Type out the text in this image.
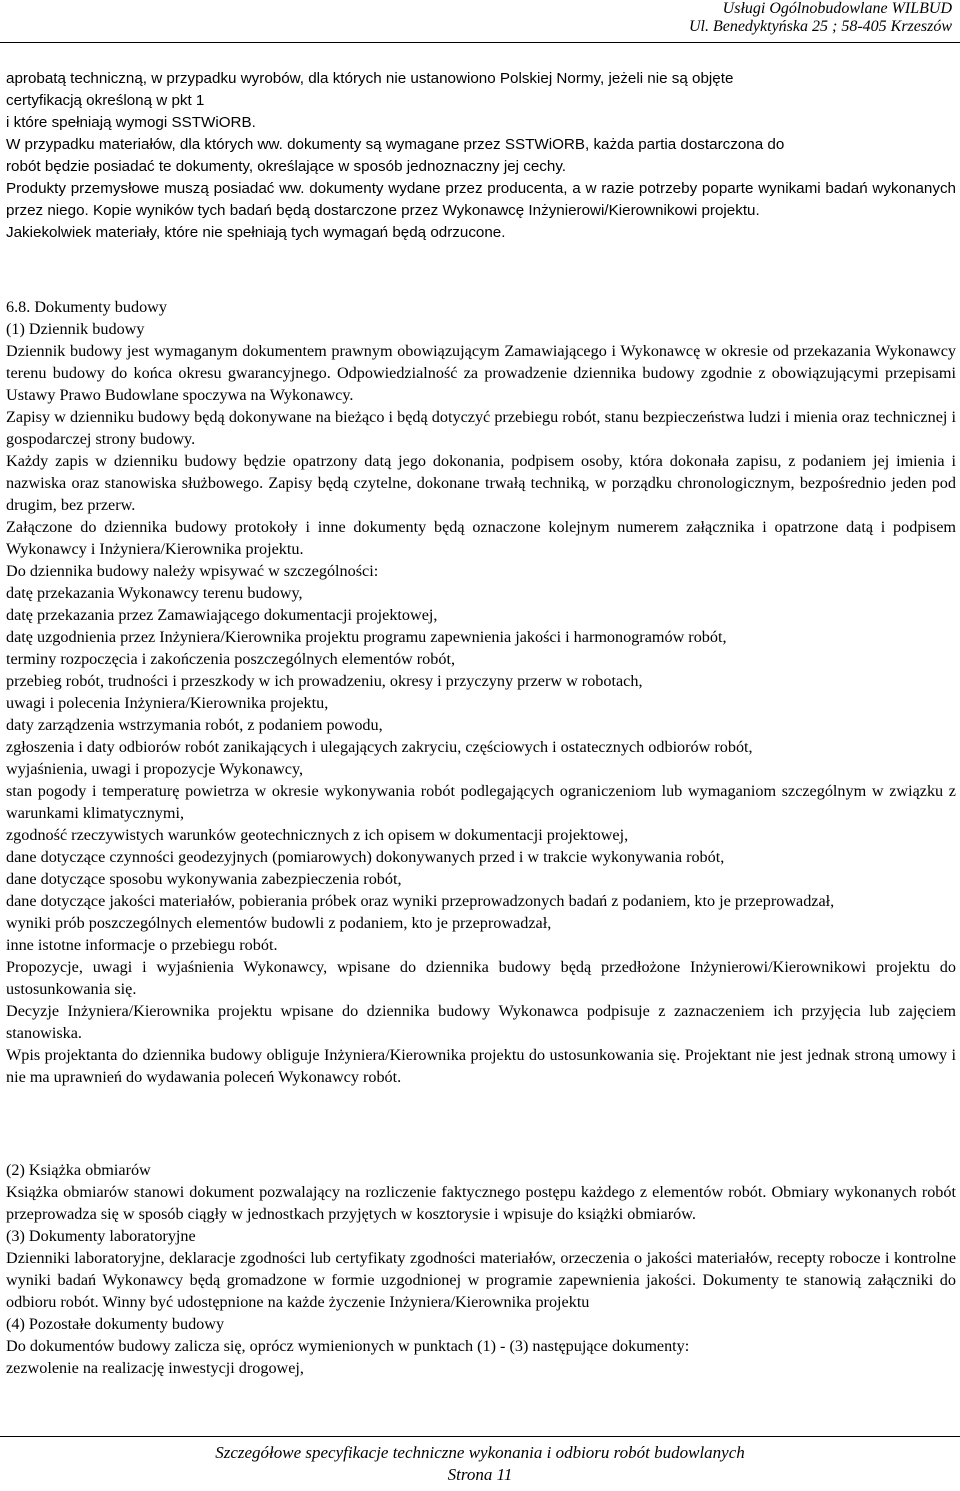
Usługi Ogólnobudowlane WILBUD
Ul. Benedyktyńska 25 ; 58-405 Krzeszów
aprobatą techniczną, w przypadku wyrobów, dla których nie ustanowiono Polskiej Normy, jeżeli nie są objęte
certyfikacją określoną w pkt 1
i które spełniają wymogi SSTWiORB.
W przypadku materiałów, dla których ww. dokumenty są wymagane przez SSTWiORB, każda partia dostarczona do
robót będzie posiadać te dokumenty, określające w sposób jednoznaczny jej cechy.

Produkty przemysłowe muszą posiadać ww. dokumenty wydane przez producenta, a w razie potrzeby poparte wynikami badań wykonanych przez niego. Kopie wyników tych badań będą dostarczone przez Wykonawcę Inżynierowi/Kierownikowi projektu.

Jakiekolwiek materiały, które nie spełniają tych wymagań będą odrzucone.
6.8. Dokumenty budowy
(1) Dziennik budowy

Dziennik budowy jest wymaganym dokumentem prawnym obowiązującym Zamawiającego i Wykonawcę w okresie od przekazania Wykonawcy terenu budowy do końca okresu gwarancyjnego. Odpowiedzialność za prowadzenie dziennika budowy zgodnie z obowiązującymi przepisami Ustawy Prawo Budowlane spoczywa na Wykonawcy.

Zapisy w dzienniku budowy będą dokonywane na bieżąco i będą dotyczyć przebiegu robót, stanu bezpieczeństwa ludzi i mienia oraz technicznej i gospodarczej strony budowy.

Każdy zapis w dzienniku budowy będzie opatrzony datą jego dokonania, podpisem osoby, która dokonała zapisu, z podaniem jej imienia i nazwiska oraz stanowiska służbowego. Zapisy będą czytelne, dokonane trwałą techniką, w porządku chronologicznym, bezpośrednio jeden pod drugim, bez przerw.

Załączone do dziennika budowy protokoły i inne dokumenty będą oznaczone kolejnym numerem załącznika i opatrzone datą i podpisem Wykonawcy i Inżyniera/Kierownika projektu.

Do dziennika budowy należy wpisywać w szczególności:
datę przekazania Wykonawcy terenu budowy,
datę przekazania przez Zamawiającego dokumentacji projektowej,
datę uzgodnienia przez Inżyniera/Kierownika projektu programu zapewnienia jakości i harmonogramów robót,
terminy rozpoczęcia i zakończenia poszczególnych elementów robót,
przebieg robót, trudności i przeszkody w ich prowadzeniu, okresy i przyczyny przerw w robotach,
uwagi i polecenia Inżyniera/Kierownika projektu,
daty zarządzenia wstrzymania robót, z podaniem powodu,
zgłoszenia i daty odbiorów robót zanikających i ulegających zakryciu, częściowych i ostatecznych odbiorów robót,
wyjaśnienia, uwagi i propozycje Wykonawcy,
stan pogody i temperaturę powietrza w okresie wykonywania robót podlegających ograniczeniom lub wymaganiom szczególnym w związku z warunkami klimatycznymi,
zgodność rzeczywistych warunków geotechnicznych z ich opisem w dokumentacji projektowej,
dane dotyczące czynności geodezyjnych (pomiarowych) dokonywanych przed i w trakcie wykonywania robót,
dane dotyczące sposobu wykonywania zabezpieczenia robót,
dane dotyczące jakości materiałów, pobierania próbek oraz wyniki przeprowadzonych badań z podaniem, kto je przeprowadzał,
wyniki prób poszczególnych elementów budowli z podaniem, kto je przeprowadzał,
inne istotne informacje o przebiegu robót.

Propozycje, uwagi i wyjaśnienia Wykonawcy, wpisane do dziennika budowy będą przedłożone Inżynierowi/Kierownikowi projektu do ustosunkowania się.

Decyzje Inżyniera/Kierownika projektu wpisane do dziennika budowy Wykonawca podpisuje z zaznaczeniem ich przyjęcia lub zajęciem stanowiska.

Wpis projektanta do dziennika budowy obliguje Inżyniera/Kierownika projektu do ustosunkowania się. Projektant nie jest jednak stroną umowy i nie ma uprawnień do wydawania poleceń Wykonawcy robót.

(2) Książka obmiarów

Książka obmiarów stanowi dokument pozwalający na rozliczenie faktycznego postępu każdego z elementów robót. Obmiary wykonanych robót przeprowadza się w sposób ciągły w jednostkach przyjętych w kosztorysie i wpisuje do książki obmiarów.

(3) Dokumenty laboratoryjne

Dzienniki laboratoryjne, deklaracje zgodności lub certyfikaty zgodności materiałów, orzeczenia o jakości materiałów, recepty robocze i kontrolne wyniki badań Wykonawcy będą gromadzone w formie uzgodnionej w programie zapewnienia jakości. Dokumenty te stanowią załączniki do odbioru robót. Winny być udostępnione na każde życzenie Inżyniera/Kierownika projektu

(4) Pozostałe dokumenty budowy
Do dokumentów budowy zalicza się, oprócz wymienionych w punktach (1) - (3) następujące dokumenty:
zezwolenie na realizację inwestycji drogowej,
Szczegółowe specyfikacje techniczne wykonania i odbioru robót budowlanych
Strona 11
